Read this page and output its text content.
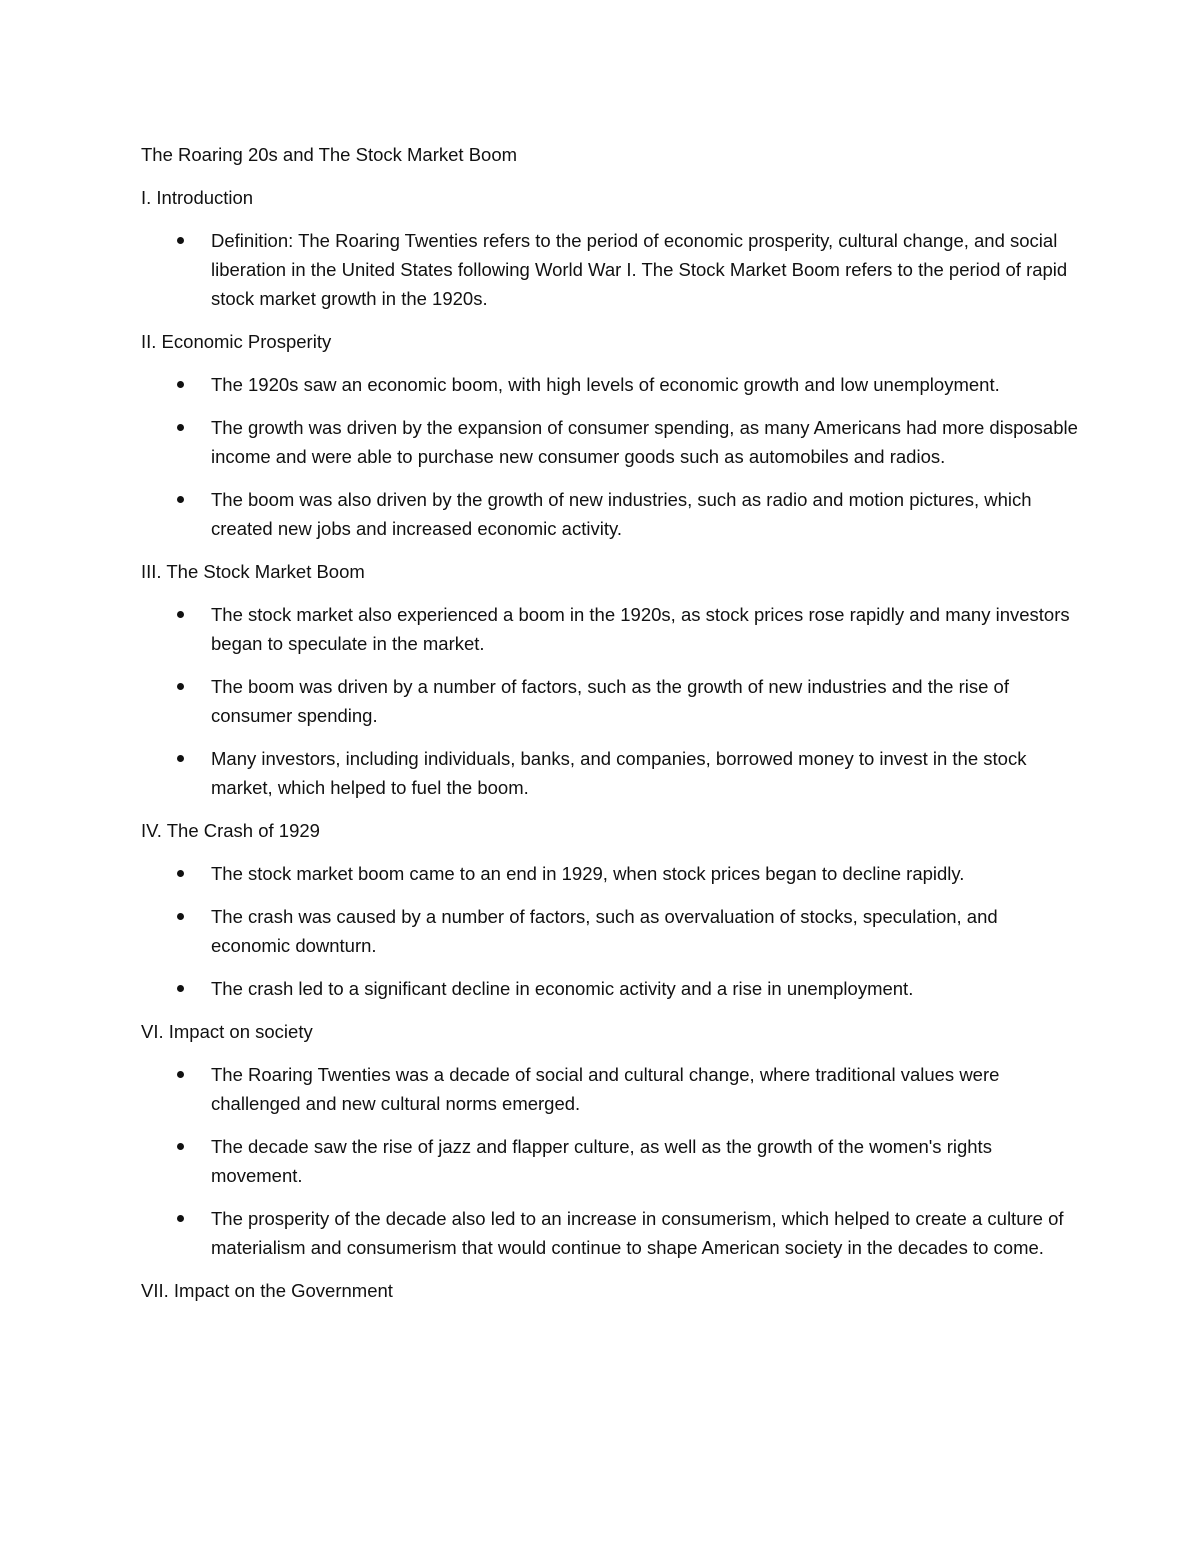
The Roaring 20s and The Stock Market Boom
I. Introduction
Definition: The Roaring Twenties refers to the period of economic prosperity, cultural change, and social liberation in the United States following World War I. The Stock Market Boom refers to the period of rapid stock market growth in the 1920s.
II. Economic Prosperity
The 1920s saw an economic boom, with high levels of economic growth and low unemployment.
The growth was driven by the expansion of consumer spending, as many Americans had more disposable income and were able to purchase new consumer goods such as automobiles and radios.
The boom was also driven by the growth of new industries, such as radio and motion pictures, which created new jobs and increased economic activity.
III. The Stock Market Boom
The stock market also experienced a boom in the 1920s, as stock prices rose rapidly and many investors began to speculate in the market.
The boom was driven by a number of factors, such as the growth of new industries and the rise of consumer spending.
Many investors, including individuals, banks, and companies, borrowed money to invest in the stock market, which helped to fuel the boom.
IV. The Crash of 1929
The stock market boom came to an end in 1929, when stock prices began to decline rapidly.
The crash was caused by a number of factors, such as overvaluation of stocks, speculation, and economic downturn.
The crash led to a significant decline in economic activity and a rise in unemployment.
VI. Impact on society
The Roaring Twenties was a decade of social and cultural change, where traditional values were challenged and new cultural norms emerged.
The decade saw the rise of jazz and flapper culture, as well as the growth of the women's rights movement.
The prosperity of the decade also led to an increase in consumerism, which helped to create a culture of materialism and consumerism that would continue to shape American society in the decades to come.
VII. Impact on the Government
